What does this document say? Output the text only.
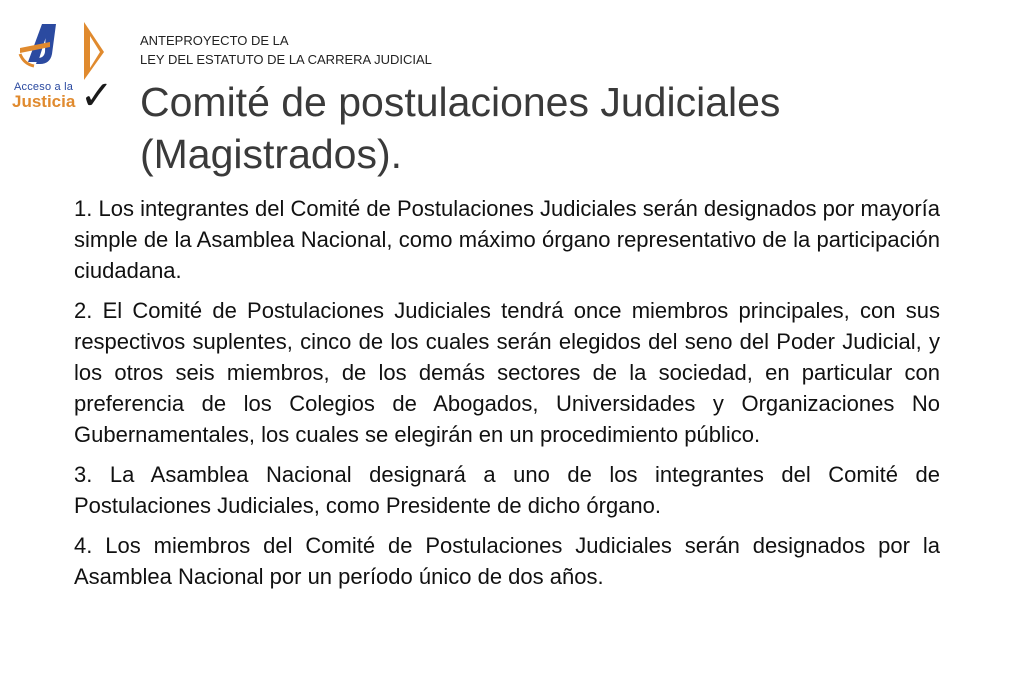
Acceso a la
Justicia
ANTEPROYECTO DE LA
LEY DEL ESTATUTO DE LA CARRERA JUDICIAL
✓ Comité de postulaciones Judiciales (Magistrados).

1. Los integrantes del Comité de Postulaciones Judiciales serán designados por mayoría simple de la Asamblea Nacional, como máximo órgano representativo de la participación ciudadana.

2. El Comité de Postulaciones Judiciales tendrá once miembros principales, con sus respectivos suplentes, cinco de los cuales serán elegidos del seno del Poder Judicial, y los otros seis miembros, de los demás sectores de la sociedad, en particular con preferencia de los Colegios de Abogados, Universidades y Organizaciones No Gubernamentales, los cuales se elegirán en un procedimiento público.

3. La Asamblea Nacional designará a uno de los integrantes del Comité de Postulaciones Judiciales, como Presidente de dicho órgano.

4. Los miembros del Comité de Postulaciones Judiciales serán designados por la Asamblea Nacional por un período único de dos años.
